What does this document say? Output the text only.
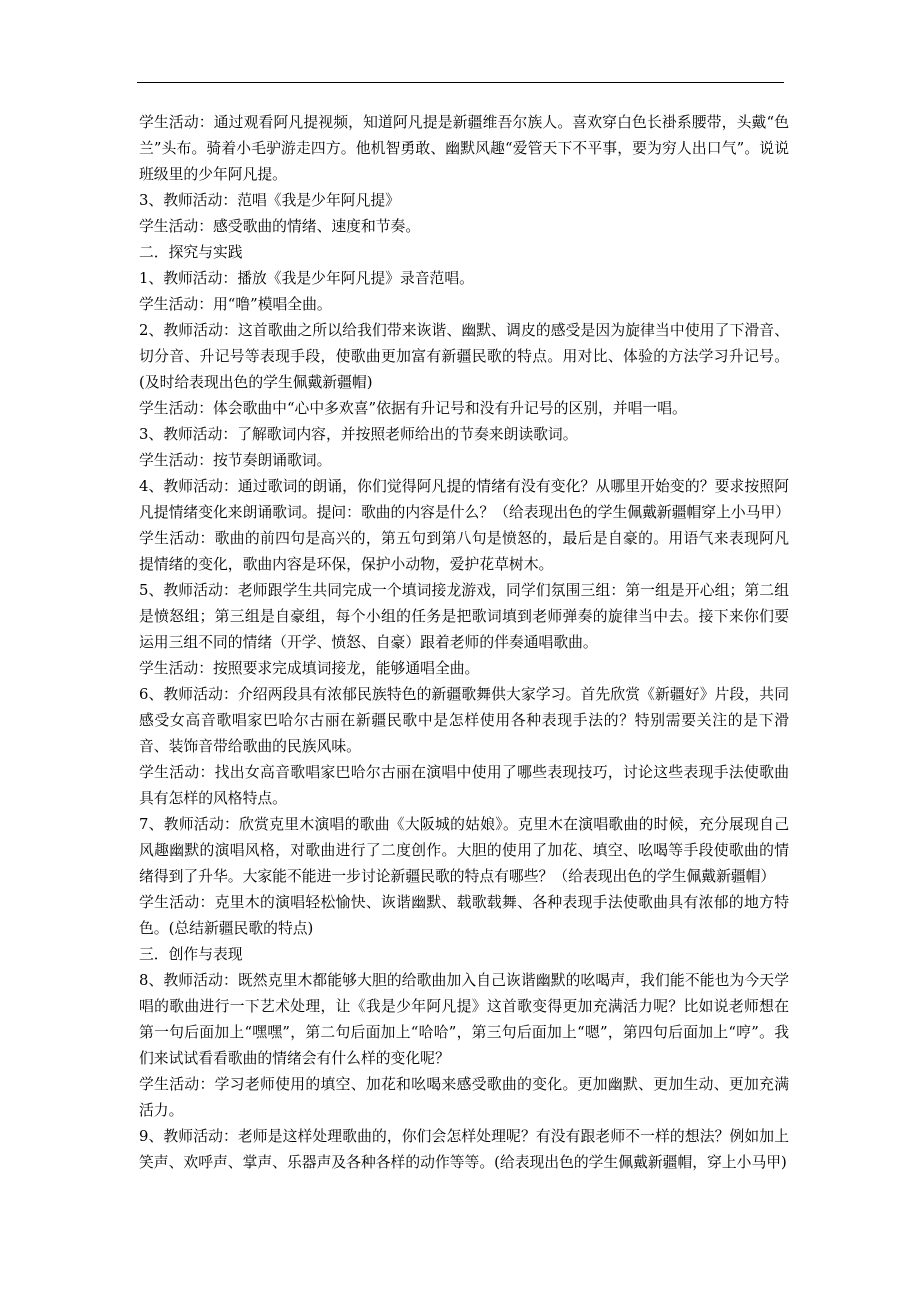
学生活动：通过观看阿凡提视频，知道阿凡提是新疆维吾尔族人。喜欢穿白色长褂系腰带，头戴“色兰”头布。骑着小毛驴游走四方。他机智勇敢、幽默风趣“爱管天下不平事，要为穷人出口气”。说说班级里的少年阿凡提。

3、教师活动：范唱《我是少年阿凡提》

学生活动：感受歌曲的情绪、速度和节奏。

二．探究与实践

1、教师活动：播放《我是少年阿凡提》录音范唱。

学生活动：用“噜”模唱全曲。

2、教师活动：这首歌曲之所以给我们带来诙谐、幽默、调皮的感受是因为旋律当中使用了下滑音、切分音、升记号等表现手段，使歌曲更加富有新疆民歌的特点。用对比、体验的方法学习升记号。(及时给表现出色的学生佩戴新疆帽)

学生活动：体会歌曲中“心中多欢喜”依据有升记号和没有升记号的区别，并唱一唱。

3、教师活动：了解歌词内容，并按照老师给出的节奏来朗读歌词。

学生活动：按节奏朗诵歌词。

4、教师活动：通过歌词的朗诵，你们觉得阿凡提的情绪有没有变化？从哪里开始变的？要求按照阿凡提情绪变化来朗诵歌词。提问：歌曲的内容是什么？（给表现出色的学生佩戴新疆帽穿上小马甲）

学生活动：歌曲的前四句是高兴的，第五句到第八句是愤怒的，最后是自豪的。用语气来表现阿凡提情绪的变化，歌曲内容是环保，保护小动物，爱护花草树木。

5、教师活动：老师跟学生共同完成一个填词接龙游戏，同学们氛围三组：第一组是开心组；第二组是愤怒组；第三组是自豪组，每个小组的任务是把歌词填到老师弹奏的旋律当中去。接下来你们要运用三组不同的情绪（开学、愤怒、自豪）跟着老师的伴奏通唱歌曲。

学生活动：按照要求完成填词接龙，能够通唱全曲。

6、教师活动：介绍两段具有浓郁民族特色的新疆歌舞供大家学习。首先欣赏《新疆好》片段，共同感受女高音歌唱家巴哈尔古丽在新疆民歌中是怎样使用各种表现手法的？特别需要关注的是下滑音、装饰音带给歌曲的民族风味。

学生活动：找出女高音歌唱家巴哈尔古丽在演唱中使用了哪些表现技巧，讨论这些表现手法使歌曲具有怎样的风格特点。

7、教师活动：欣赏克里木演唱的歌曲《大阪城的姑娘》。克里木在演唱歌曲的时候，充分展现自己风趣幽默的演唱风格，对歌曲进行了二度创作。大胆的使用了加花、填空、吆喝等手段使歌曲的情绪得到了升华。大家能不能进一步讨论新疆民歌的特点有哪些？（给表现出色的学生佩戴新疆帽）

学生活动：克里木的演唱轻松愉快、诙谐幽默、载歌载舞、各种表现手法使歌曲具有浓郁的地方特色。(总结新疆民歌的特点)

三．创作与表现

8、教师活动：既然克里木都能够大胆的给歌曲加入自己诙谐幽默的吆喝声，我们能不能也为今天学唱的歌曲进行一下艺术处理，让《我是少年阿凡提》这首歌变得更加充满活力呢？比如说老师想在第一句后面加上“嘿嘿”，第二句后面加上“哈哈”，第三句后面加上“嗯”，第四句后面加上“哼”。我们来试试看看歌曲的情绪会有什么样的变化呢？

学生活动：学习老师使用的填空、加花和吆喝来感受歌曲的变化。更加幽默、更加生动、更加充满活力。

9、教师活动：老师是这样处理歌曲的，你们会怎样处理呢？有没有跟老师不一样的想法？例如加上笑声、欢呼声、掌声、乐器声及各种各样的动作等等。(给表现出色的学生佩戴新疆帽，穿上小马甲)
